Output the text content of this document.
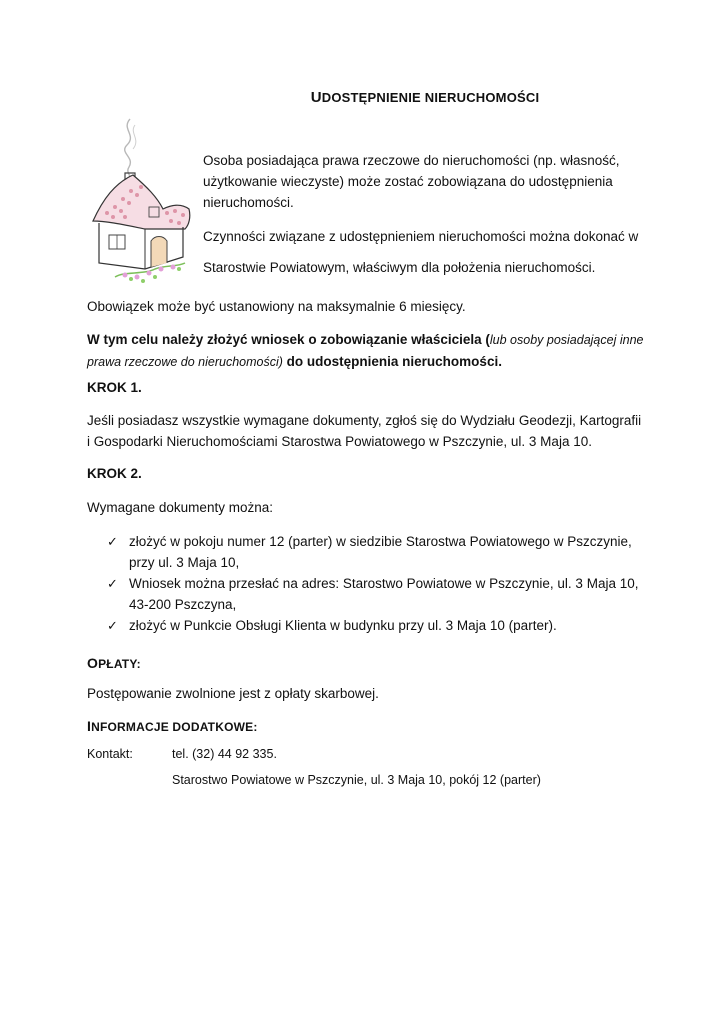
UDOSTĘPNIENIE NIERUCHOMOŚCI

Osoba posiadająca prawa rzeczowe do nieruchomości (np. własność, użytkowanie wieczyste) może zostać zobowiązana do udostępnienia nieruchomości.

Czynności związane z udostępnieniem nieruchomości można dokonać w Starostwie Powiatowym, właściwym dla położenia nieruchomości.

Obowiązek może być ustanowiony na maksymalnie 6 miesięcy.
W tym celu należy złożyć wniosek o zobowiązanie właściciela (lub osoby posiadającej inne prawa rzeczowe do nieruchomości) do udostępnienia nieruchomości.
KROK 1.
Jeśli posiadasz wszystkie wymagane dokumenty, zgłoś się do Wydziału Geodezji, Kartografii i Gospodarki Nieruchomościami Starostwa Powiatowego w Pszczynie, ul. 3 Maja 10.
KROK 2.
Wymagane dokumenty można:
✓ złożyć w pokoju numer 12 (parter) w siedzibie Starostwa Powiatowego w Pszczynie, przy ul. 3 Maja 10,
✓ Wniosek można przesłać na adres: Starostwo Powiatowe w Pszczynie, ul. 3 Maja 10, 43-200 Pszczyna,
✓ złożyć w Punkcie Obsługi Klienta w budynku przy ul. 3 Maja 10 (parter).
OPŁATY:
Postępowanie zwolnione jest z opłaty skarbowej.
INFORMACJE DODATKOWE:
Kontakt:	tel. (32) 44 92 335.
Starostwo Powiatowe w Pszczynie, ul. 3 Maja 10, pokój 12 (parter)
